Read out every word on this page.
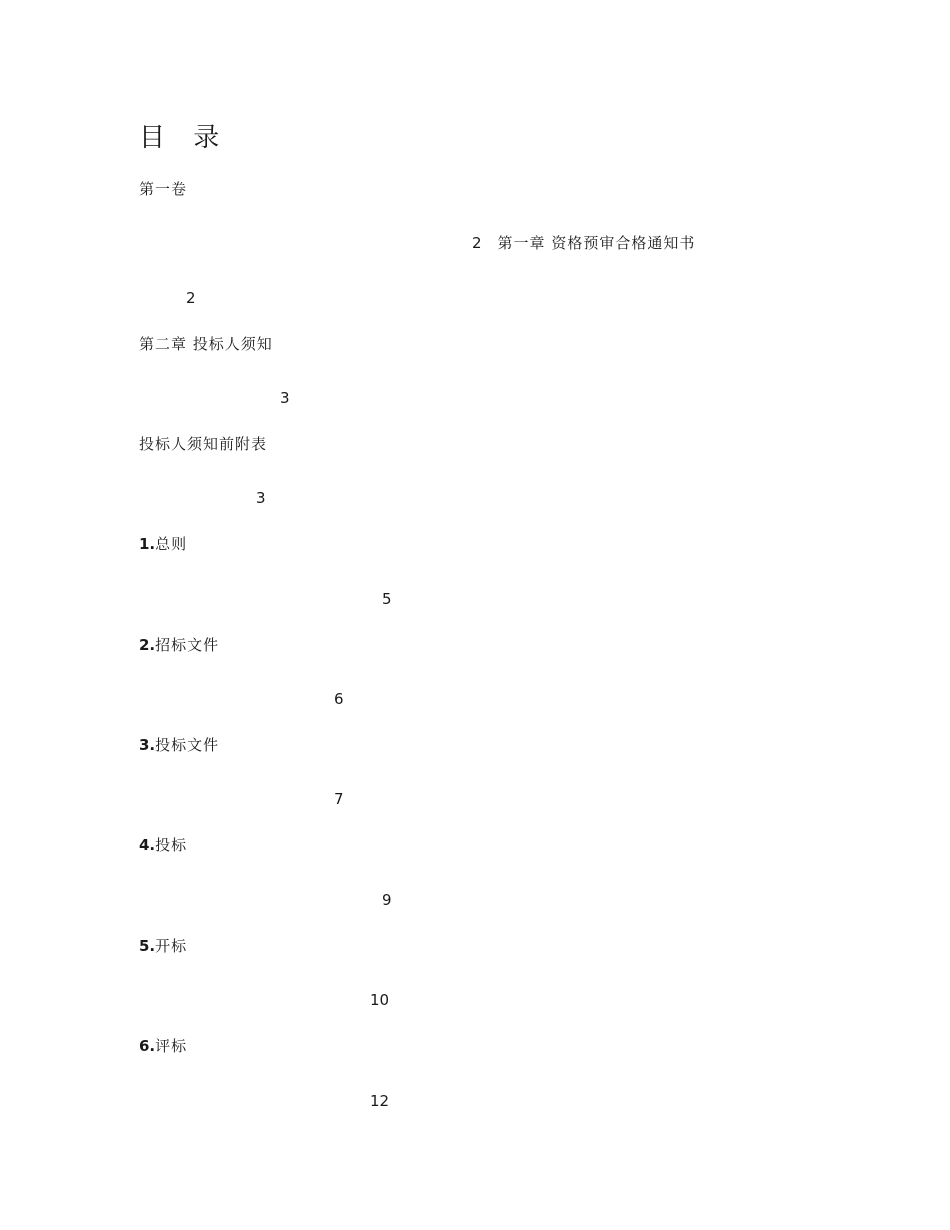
目 录
第一卷
2 第一章 资格预审合格通知书
2
第二章 投标人须知
3
投标人须知前附表
3
1.总则
5
2.招标文件
6
3.投标文件
7
4.投标
9
5.开标
10
6.评标
12
